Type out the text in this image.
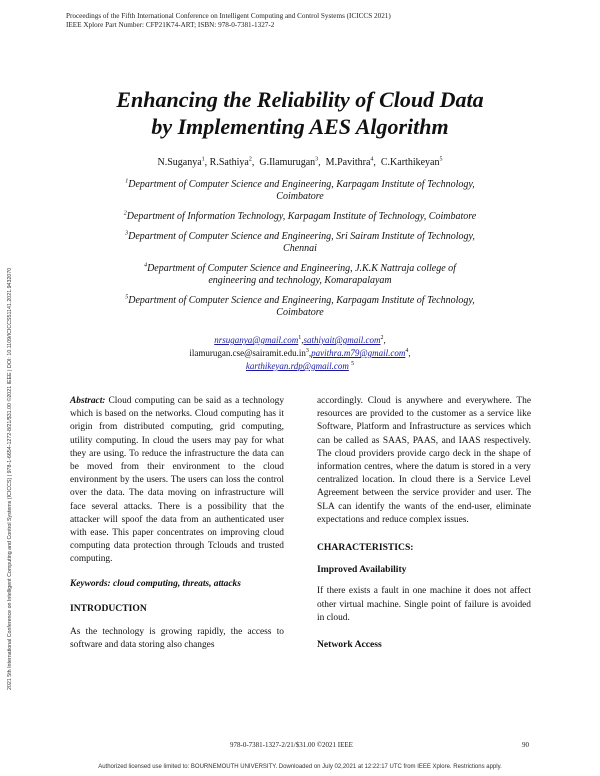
Proceedings of the Fifth International Conference on Intelligent Computing and Control Systems (ICICCS 2021)
IEEE Xplore Part Number: CFP21K74-ART; ISBN: 978-0-7381-1327-2
2021 5th International Conference on Intelligent Computing and Control Systems (ICICCS) | 978-1-6654-1272-8/21/$31.00 ©2021 IEEE | DOI: 10.1109/ICICCS51141.2021.9432070
Enhancing the Reliability of Cloud Data
by Implementing AES Algorithm
N.Suganya$^1$, R.Sathiya$^2$,  G.Ilamurugan$^3$,  M.Pavithra$^4$,  C.Karthikeyan$^5$
$^1$Department of Computer Science and Engineering, Karpagam Institute of Technology,
Coimbatore
$^2$Department of Information Technology, Karpagam Institute of Technology, Coimbatore
$^3$Department of Computer Science and Engineering, Sri Sairam Institute of Technology,
Chennai
$^4$Department of Computer Science and Engineering, J.K.K Nattraja college of
engineering and technology, Komarapalayam
$^5$Department of Computer Science and Engineering, Karpagam Institute of Technology,
Coimbatore
nrsuganya@gmail.com$^1$,sathiyait@gmail.com$^2$,
$ilamurugan.cse@sairamit.edu.in^3,pavithra.m79@gmail.com^4$,
karthikeyan.rdp@gmail.com $^5$

Abstract: Cloud computing can be said as a technology which is based on the networks. Cloud computing has it origin from distributed computing, grid computing, utility computing. In cloud the users may pay for what they are using. To reduce the infrastructure the data can be moved from their environment to the cloud environment by the users. The users can loss the control over the data. The data moving on infrastructure will face several attacks. There is a possibility that the attacker will spoof the data from an authenticated user with ease. This paper concentrates on improving cloud computing data protection through Tclouds and trusted computing.

Keywords: cloud computing, threats, attacks

INTRODUCTION

As the technology is growing rapidly, the access to software and data storing also changes

accordingly. Cloud is anywhere and everywhere. The resources are provided to the customer as a service like Software, Platform and Infrastructure as services which can be called as SAAS, PAAS, and IAAS respectively. The cloud providers provide cargo deck in the shape of information centres, where the datum is stored in a very centralized location. In cloud there is a Service Level Agreement between the service provider and user. The SLA can identify the wants of the end-user, eliminate expectations and reduce complex issues.

CHARACTERISTICS:

Improved Availability

If there exists a fault in one machine it does not affect other virtual machine. Single point of failure is avoided in cloud.

Network Access

978-0-7381-1327-2/21/$31.00 ©2021 IEEE	90
Authorized licensed use limited to: BOURNEMOUTH UNIVERSITY. Downloaded on July 02,2021 at 12:22:17 UTC from IEEE Xplore. Restrictions apply.
